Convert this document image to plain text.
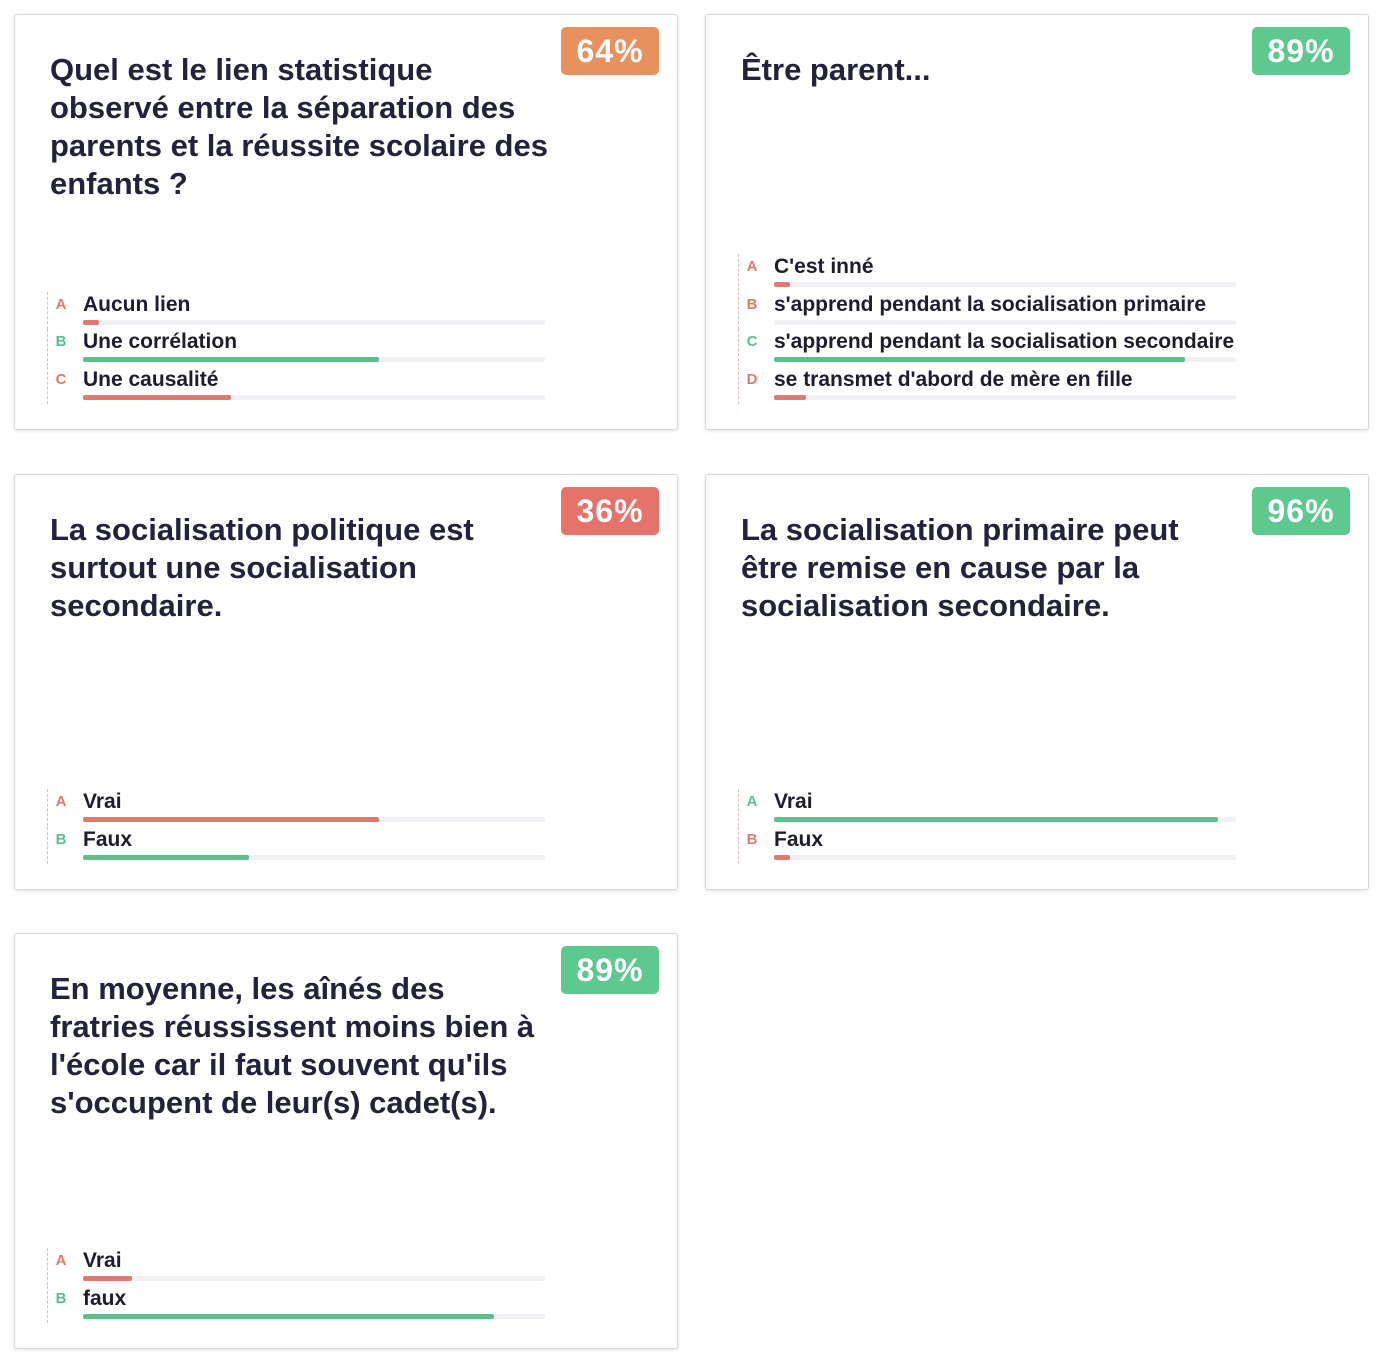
64%
Quel est le lien statistique observé entre la séparation des parents et la réussite scolaire des enfants ?
A Aucun lien
B Une corrélation
C Une causalité
89%
Être parent...
A C'est inné
B s'apprend pendant la socialisation primaire
C s'apprend pendant la socialisation secondaire
D se transmet d'abord de mère en fille
36%
La socialisation politique est surtout une socialisation secondaire.
A Vrai
B Faux
96%
La socialisation primaire peut être remise en cause par la socialisation secondaire.
A Vrai
B Faux
89%
En moyenne, les aînés des fratries réussissent moins bien à l'école car il faut souvent qu'ils s'occupent de leur(s) cadet(s).
A Vrai
B faux
